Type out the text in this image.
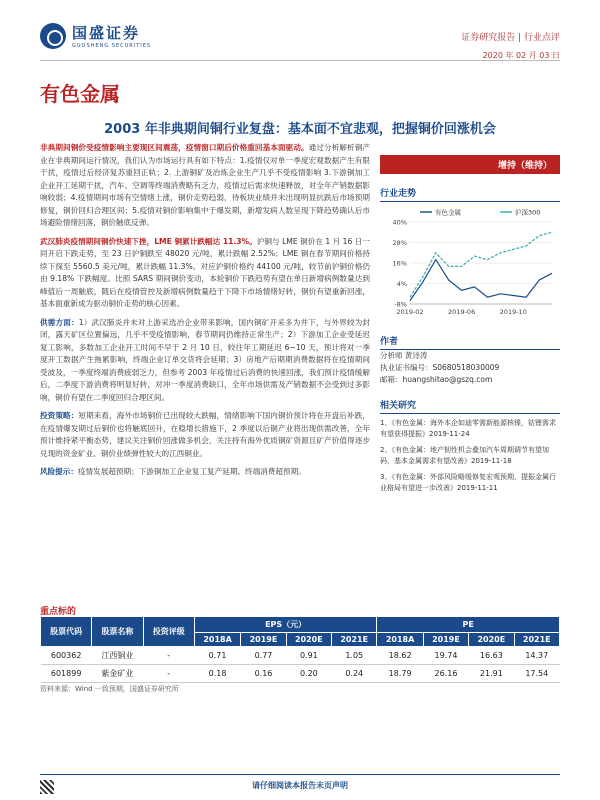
国盛证券
GUOSHENG SECURITIES
证券研究报告 | 行业点评
2020 年 02 月 03 日
有色金属
2003 年非典期间铜行业复盘：基本面不宜悲观，把握铜价回涨机会

非典期间铜价受疫情影响主要现区间震荡，疫情窗口期后价格重回基本面驱动。通过分析解析铜产业在非典期间运行情况，我们认为市场运行具有如下特点：1.疫情仅对单一季度宏观数据产生有限干扰，疫情过后经济复苏重回正轨；2. 上游铜矿及冶炼企业生产几乎不受疫情影响 3.下游铜加工企业开工延期干扰，汽车、空调等终端消费略有乏力，疫情过后需求快速释放，对全年产销数据影响较弱；4.疫情期间市场有空情绪上涨，铜价走势趋弱，待板块业绩并未出现明显抗跌后市场预期修复，铜价回归合理区间；5.疫情对铜价影响集中于爆发期，新增发病人数呈现下降趋势确认后市场避险情绪回落，铜价触底反弹。

武汉肺炎疫情期间铜价快速下挫，LME 铜累计跌幅达 11.3%。沪铜与 LME 铜价在 1 月 16 日一同开启下跌走势，至 23 日沪铜跌至 48020 元/吨，累计跌幅 2.52%；LME 铜在春节期间价格持续下探至 5560.5 美元/吨，累计跌幅 11.3%。对应沪铜价格约 44100 元/吨，较节前沪铜价格仍由 9.18% 下跌幅度。比照 SARS 期间铜价变动，本轮铜价下跌趋势有望在单日新增病例数量达到峰值后一周触底，随后在疫情管控及新增病例数量趋于下降下市场情绪好转，铜价有望重新回涨，基本面重新成为驱动铜价走势的核心因素。

供需方面：1）武汉肺炎并未对上游采选冶企业带来影响，国内铜矿开采多为井下，与外界较为封闭，露天矿区位置偏远，几乎不受疫情影响，春节期间仍维持正常生产；2）下游加工企业受延迟复工影响，多数加工企业开工时间不早于 2 月 10 日，较往年工期延迟 6~10 天，预计将对一季度开工数据产生拖累影响，终端企业订单交货将会延期；3）房地产后期期消费数据将在疫情期间受波及，一季度终端消费疲弱乏力，但参考 2003 年疫情过后消费的快速回涨，我们预计疫情缓解后，二季度下游消费将明显好转，对冲一季度消费缺口，全年市场供需及产销数据不会受到过多影响，铜价有望在二季度回归合理区间。

投资策略：短期来看，海外市场铜价已出现较大跌幅，情绪影响下国内铜价预计将在开盘后补跌，在疫情爆发期过后铜价也将触底回升，在稳增长措施下，2 季度以后铜产业将出现供需改善，全年预计维持紧平衡态势，建议关注铜价回涨做多机会，关注持有海外优质铜矿资源且矿产价值得逐步兑现的资金矿业、铜价业绩弹性较大的江西铜业。

风险提示：疫情发展超预期；下游铜加工企业复工复产延期、终端消费超预期。

增持（维持）
行业走势
-8%
4%
16%
28%
40%
2019-02	2019-06	2019-10
有色金属	沪深300
作者
分析师 黄诗涛
执业证书编号：S0680518030009
邮箱：huangshitao@gszq.com
相关研究
1、《有色金属：海外本企如迪零需新能源核镍，钴锂需求有望获得提振》2019-11-24
2、《有色金属：地产韧性机会叠加汽车周期调节有望加码，基本金属需求有望改善》2019-11-18
3、《有色金属：外部风险略缓修复宏观预期，提振金属行业格局有望进一步改善》2019-11-11
重点标的
股票代码	股票名称	投资评级	EPS（元）				PE			
			2018A	2019E	2020E	2021E	2018A	2019E	2020E	2021E
600362	江西铜业	-	0.71	0.77	0.91	1.05	18.62	19.74	16.63	14.37
601899	紫金矿业	-	0.18	0.16	0.20	0.24	18.79	26.16	21.91	17.54
资料来源：Wind 一致预期，国盛证券研究所
请仔细阅读本报告末页声明
